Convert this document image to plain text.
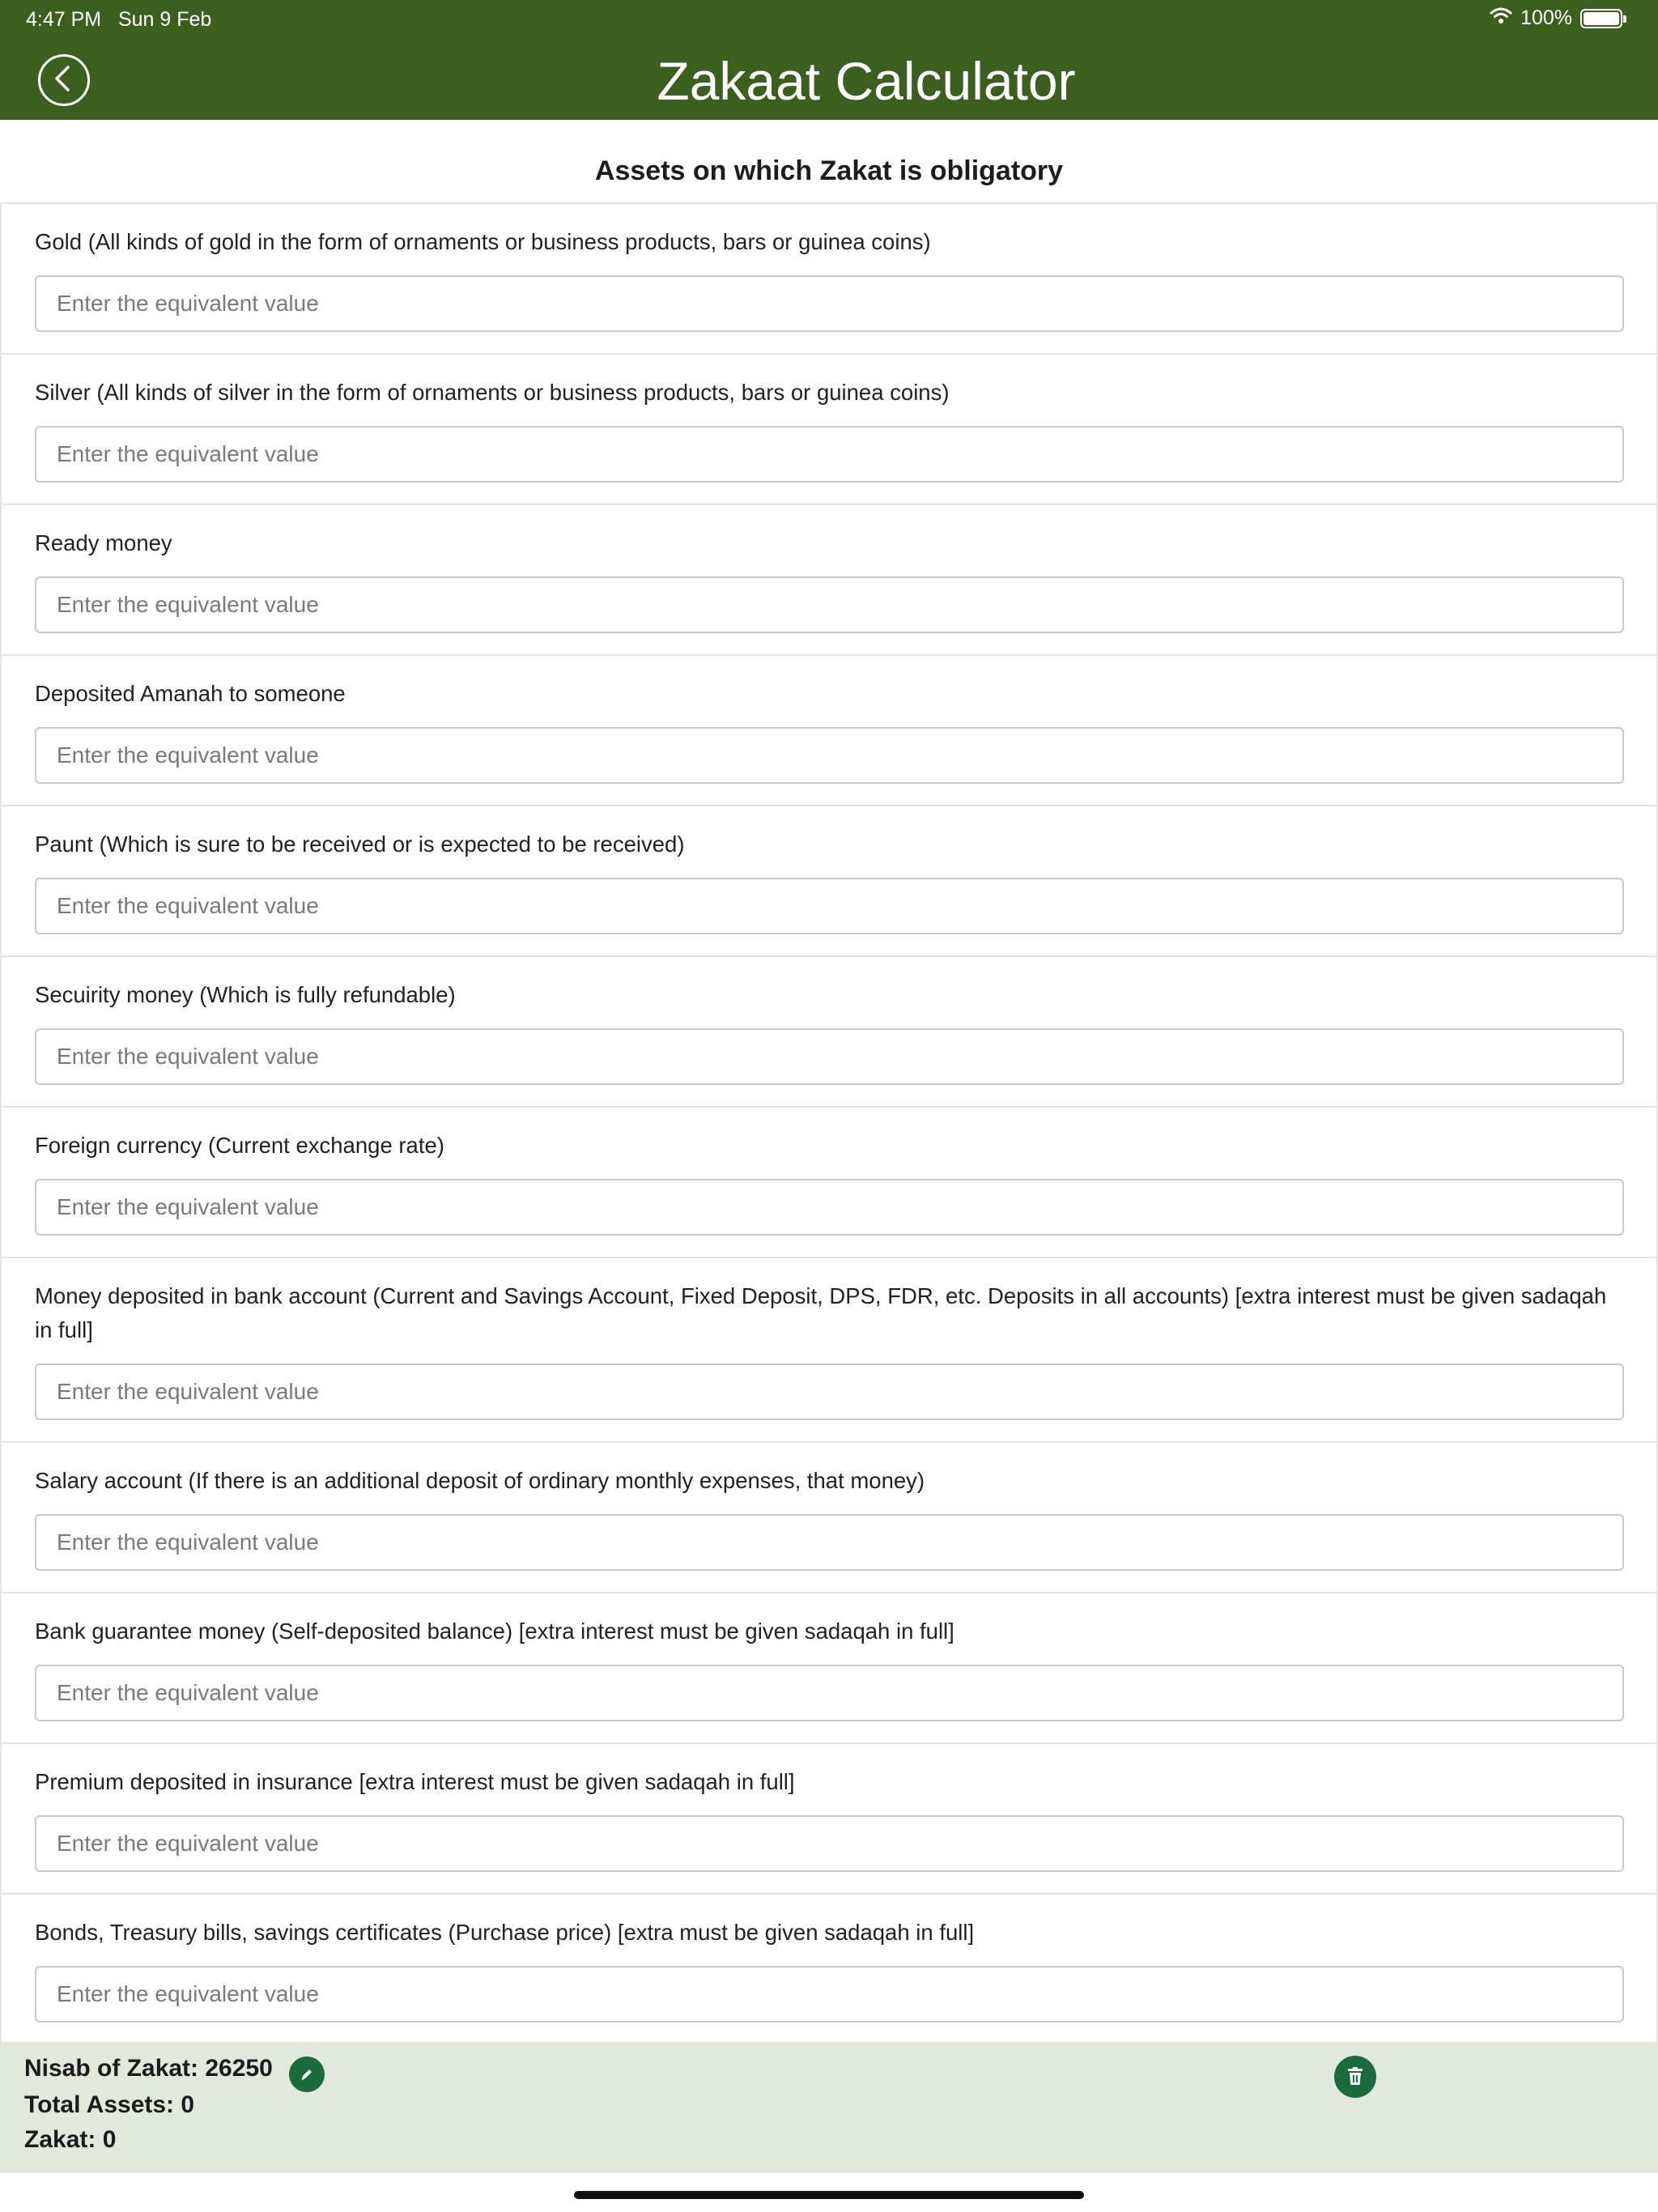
4:47 PM Sun 9 Feb	100%
Zakaat Calculator
Assets on which Zakat is obligatory
Gold (All kinds of gold in the form of ornaments or business products, bars or guinea coins)
Enter the equivalent value
Silver (All kinds of silver in the form of ornaments or business products, bars or guinea coins)
Enter the equivalent value
Ready money
Enter the equivalent value
Deposited Amanah to someone
Enter the equivalent value
Paunt (Which is sure to be received or is expected to be received)
Enter the equivalent value
Secuirity money (Which is fully refundable)
Enter the equivalent value
Foreign currency (Current exchange rate)
Enter the equivalent value
Money deposited in bank account (Current and Savings Account, Fixed Deposit, DPS, FDR, etc. Deposits in all accounts) [extra interest must be given sadaqah in full]
Enter the equivalent value
Salary account (If there is an additional deposit of ordinary monthly expenses, that money)
Enter the equivalent value
Bank guarantee money (Self-deposited balance) [extra interest must be given sadaqah in full]
Enter the equivalent value
Premium deposited in insurance [extra interest must be given sadaqah in full]
Enter the equivalent value
Bonds, Treasury bills, savings certificates (Purchase price) [extra must be given sadaqah in full]
Enter the equivalent value
Nisab of Zakat: 26250
Total Assets: 0
Zakat: 0
